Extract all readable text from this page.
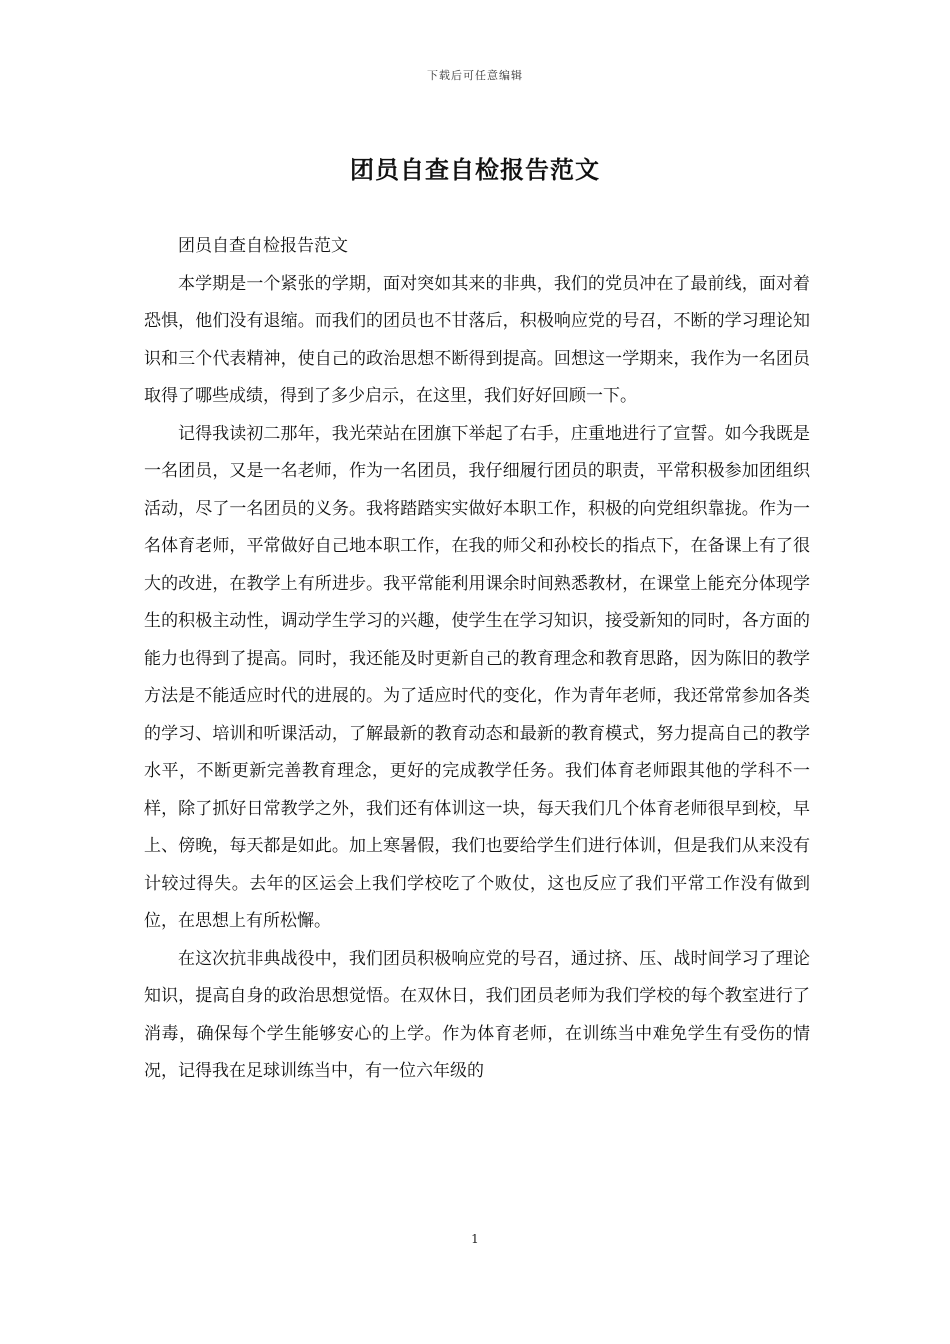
下载后可任意编辑
团员自查自检报告范文

团员自查自检报告范文

本学期是一个紧张的学期，面对突如其来的非典，我们的党员冲在了最前线，面对着恐惧，他们没有退缩。而我们的团员也不甘落后，积极响应党的号召，不断的学习理论知识和三个代表精神，使自己的政治思想不断得到提高。回想这一学期来，我作为一名团员取得了哪些成绩，得到了多少启示，在这里，我们好好回顾一下。

记得我读初二那年，我光荣站在团旗下举起了右手，庄重地进行了宣誓。如今我既是一名团员，又是一名老师，作为一名团员，我仔细履行团员的职责，平常积极参加团组织活动，尽了一名团员的义务。我将踏踏实实做好本职工作，积极的向党组织靠拢。作为一名体育老师，平常做好自己地本职工作，在我的师父和孙校长的指点下，在备课上有了很大的改进，在教学上有所进步。我平常能利用课余时间熟悉教材，在课堂上能充分体现学生的积极主动性，调动学生学习的兴趣，使学生在学习知识，接受新知的同时，各方面的能力也得到了提高。同时，我还能及时更新自己的教育理念和教育思路，因为陈旧的教学方法是不能适应时代的进展的。为了适应时代的变化，作为青年老师，我还常常参加各类的学习、培训和听课活动，了解最新的教育动态和最新的教育模式，努力提高自己的教学水平，不断更新完善教育理念，更好的完成教学任务。我们体育老师跟其他的学科不一样，除了抓好日常教学之外，我们还有体训这一块，每天我们几个体育老师很早到校，早上、傍晚，每天都是如此。加上寒暑假，我们也要给学生们进行体训，但是我们从来没有计较过得失。去年的区运会上我们学校吃了个败仗，这也反应了我们平常工作没有做到位，在思想上有所松懈。

在这次抗非典战役中，我们团员积极响应党的号召，通过挤、压、战时间学习了理论知识，提高自身的政治思想觉悟。在双休日，我们团员老师为我们学校的每个教室进行了消毒，确保每个学生能够安心的上学。作为体育老师，在训练当中难免学生有受伤的情况，记得我在足球训练当中，有一位六年级的

1
